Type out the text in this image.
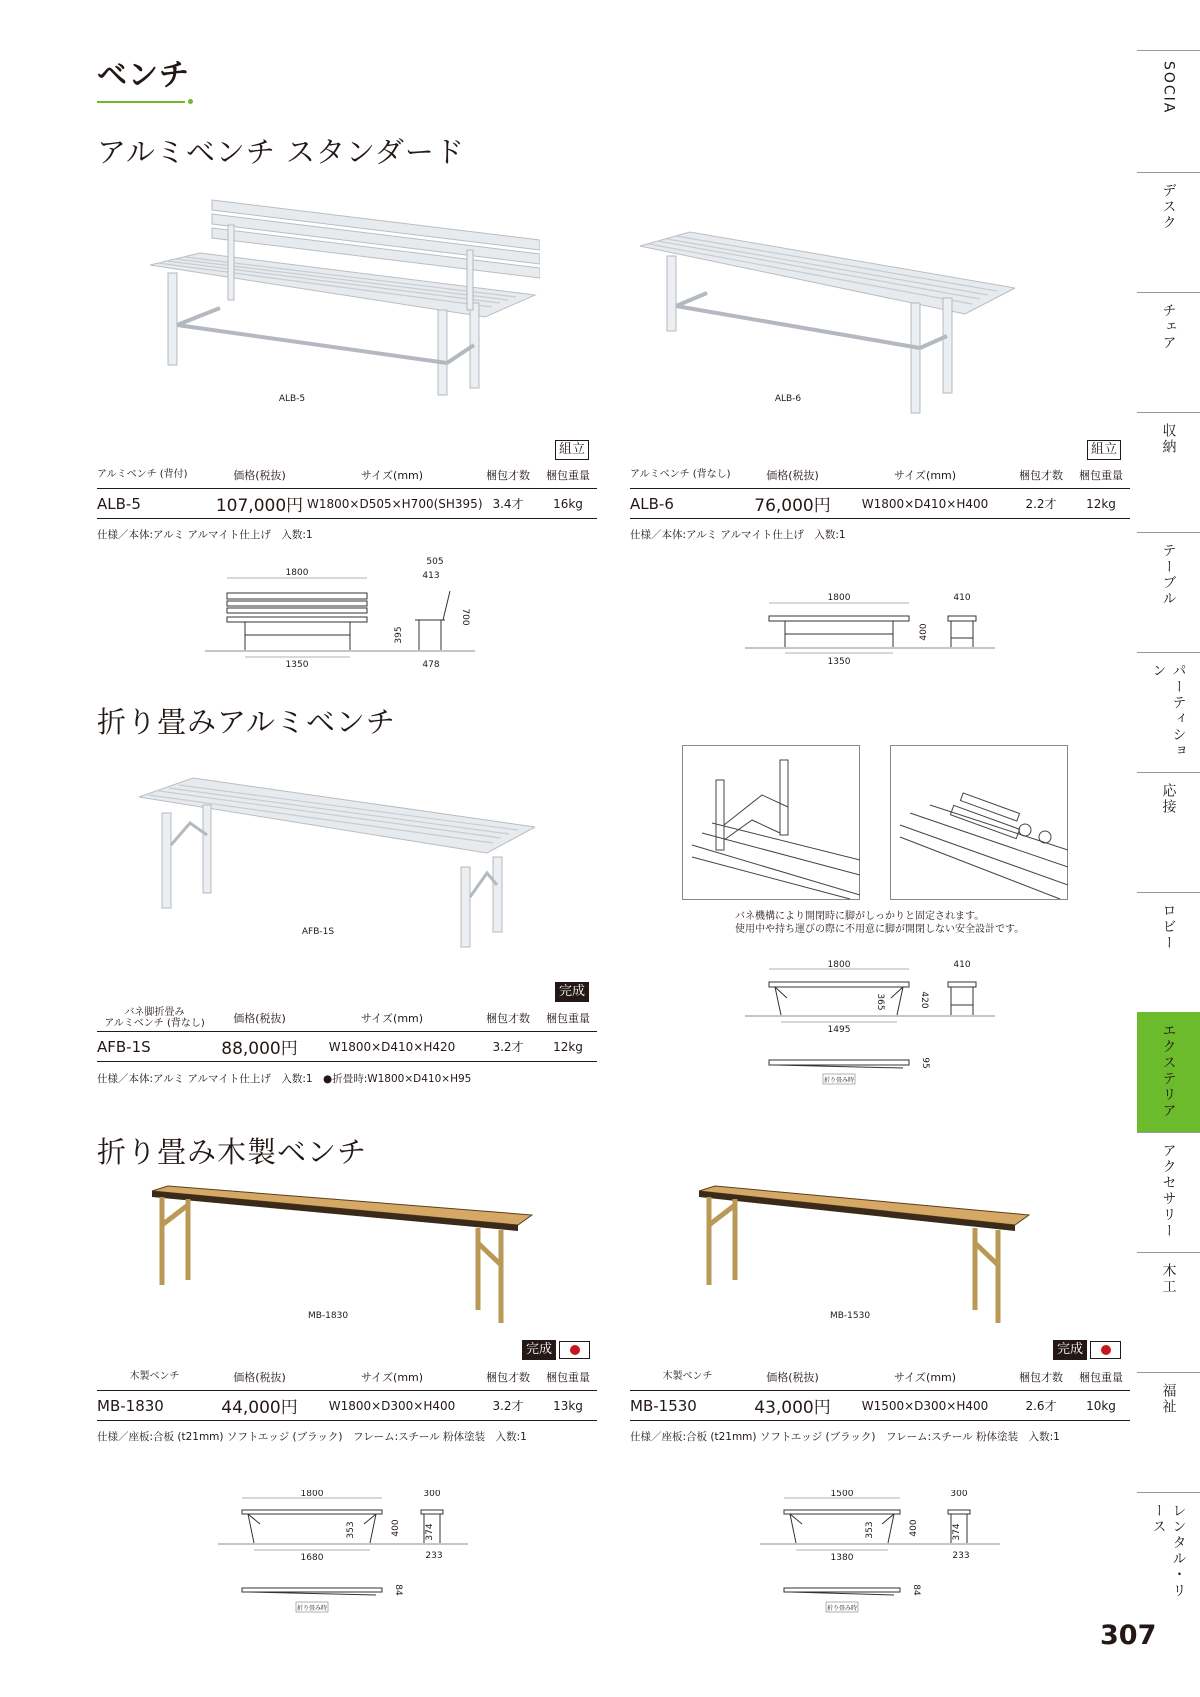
ベンチ
アルミベンチ スタンダード
ALB-5	ALB-6
組立
アルミベンチ (背付)	価格(税抜)	サイズ(mm)	梱包才数	梱包重量
ALB-5	107,000円 W1800×D505×H700(SH395) 3.4才	16kg
仕様／本体:アルミ アルマイト仕上げ　入数:1
組立
アルミベンチ (背なし)	価格(税抜)	サイズ(mm)	梱包才数	梱包重量
ALB-6	76,000円	W1800×D410×H400	2.2才	12kg
仕様／本体:アルミ アルマイト仕上げ　入数:1
1800
1350
505
413
395
700
478
1800
1350
410
400
折り畳みアルミベンチ
AFB-1S
バネ機構により開閉時に脚がしっかりと固定されます。
使用中や持ち運びの際に不用意に脚が開閉しない安全設計です。
1800
1495
410
365	420
95
折り畳み時
完成
バネ脚折畳み
アルミベンチ (背なし)	価格(税抜)	サイズ(mm)	梱包才数	梱包重量
AFB-1S	88,000円	W1800×D410×H420	3.2才	12kg
仕様／本体:アルミ アルマイト仕上げ　入数:1　●折畳時:W1800×D410×H95
折り畳み木製ベンチ
MB-1830	MB-1530
完成
木製ベンチ	価格(税抜)	サイズ(mm)	梱包才数	梱包重量
MB-1830	44,000円	W1800×D300×H400	3.2才	13kg
仕様／座板:合板 (t21mm) ソフトエッジ (ブラック)　フレーム:スチール 粉体塗装　入数:1
完成
木製ベンチ	価格(税抜)	サイズ(mm)	梱包才数	梱包重量
MB-1530	43,000円	W1500×D300×H400	2.6才	10kg
仕様／座板:合板 (t21mm) ソフトエッジ (ブラック)　フレーム:スチール 粉体塗装　入数:1
1800
1680
300
353	400	374
233
84
折り畳み時
1500
1380
300
353	400	374
233
84
折り畳み時
SOCIA
デスク
チェア
収納
テーブル
パーティション
応接
ロビー
エクステリア
アクセサリー
木工
福祉
レンタル・リース
307
